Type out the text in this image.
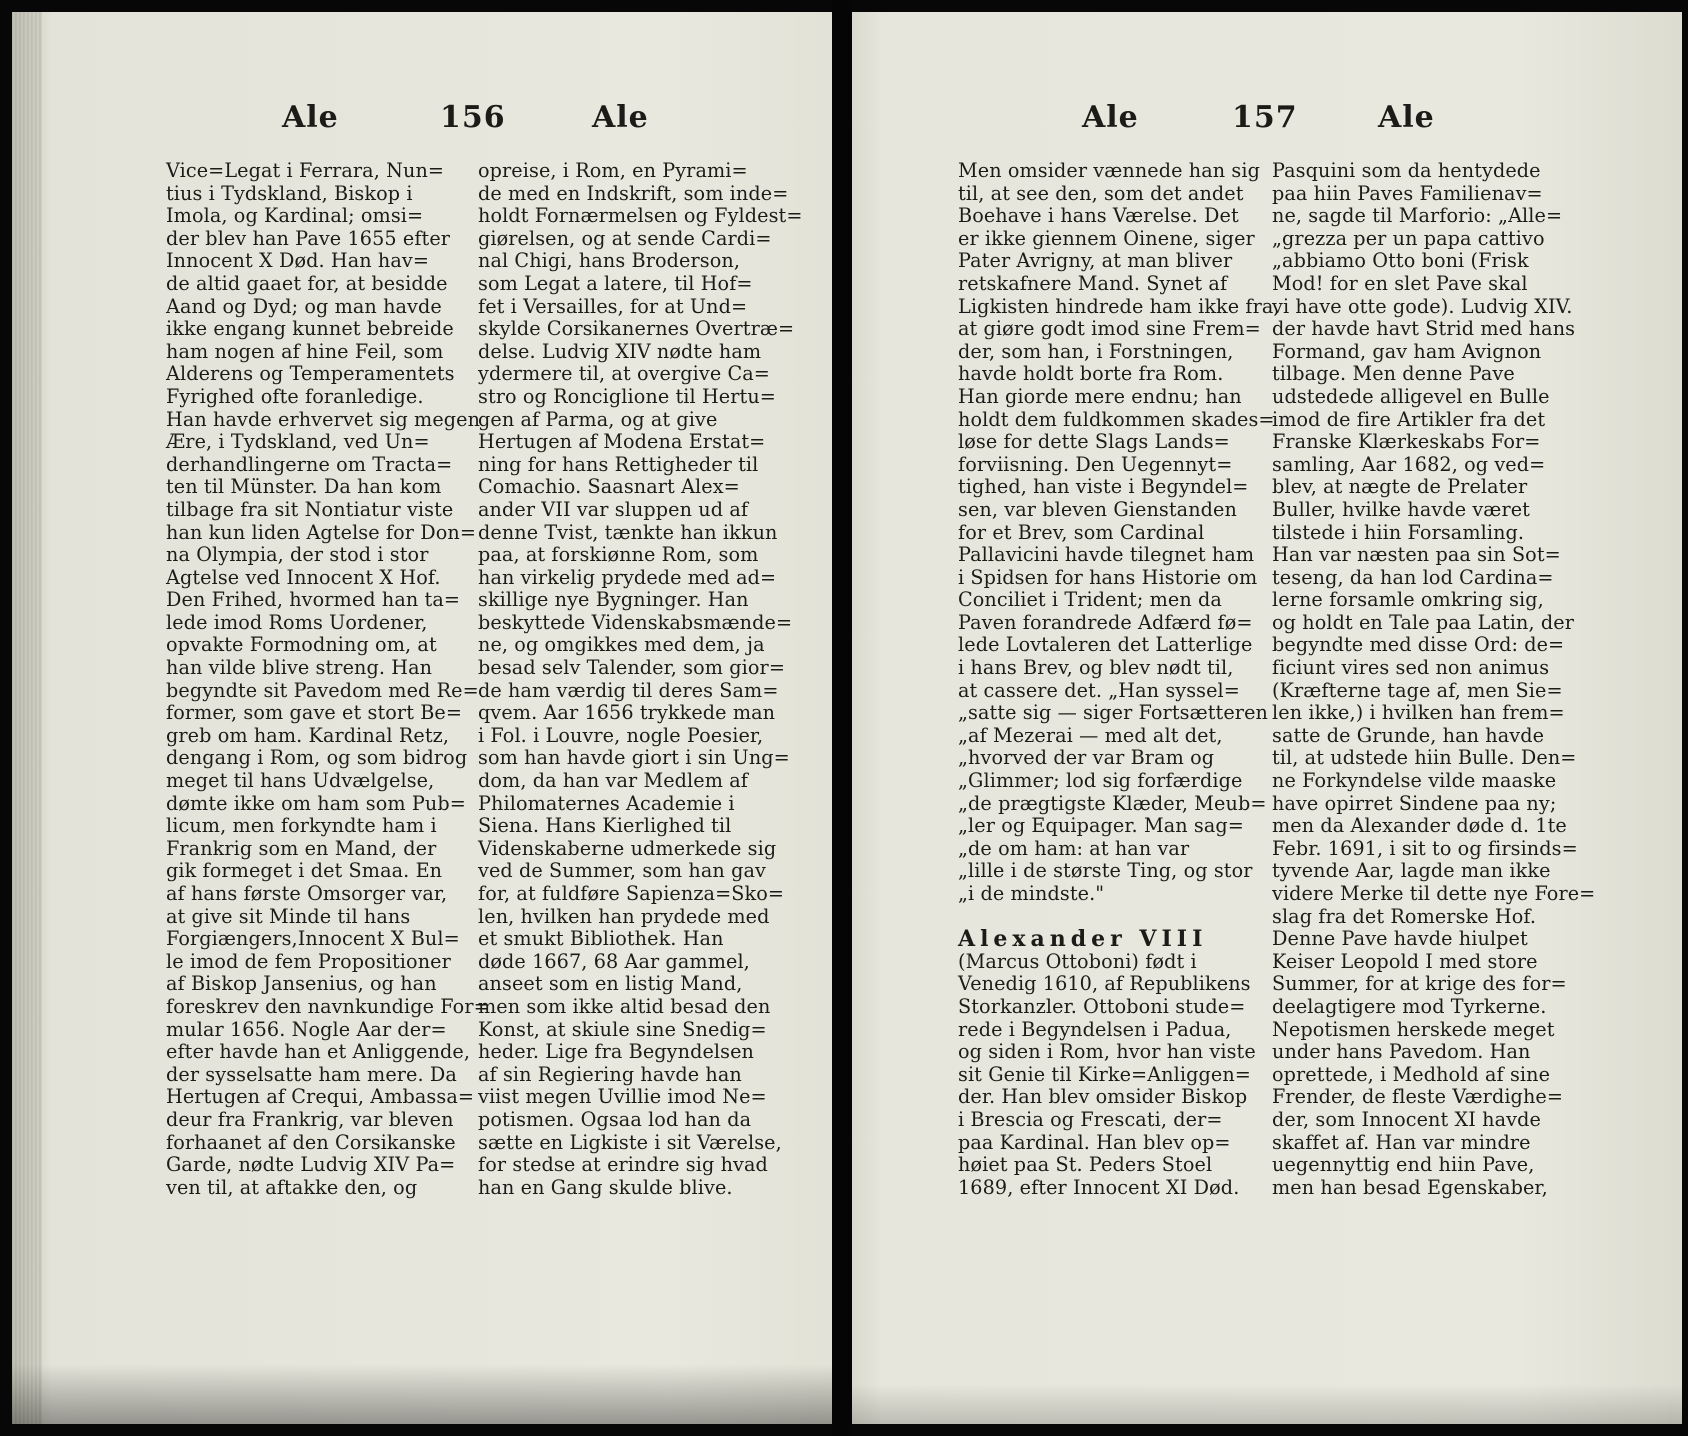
Ale	156	Ale	Ale	157	Ale
Vice=Legat i Ferrara, Nun=
tius i Tydskland, Biskop i
Imola, og Kardinal; omsi=
der blev han Pave 1655 efter
Innocent X Død. Han hav=
de altid gaaet for, at besidde
Aand og Dyd; og man havde
ikke engang kunnet bebreide
ham nogen af hine Feil, som
Alderens og Temperamentets
Fyrighed ofte foranledige.
Han havde erhvervet sig megen
Ære, i Tydskland, ved Un=
derhandlingerne om Tracta=
ten til Münster. Da han kom
tilbage fra sit Nontiatur viste
han kun liden Agtelse for Don=
na Olympia, der stod i stor
Agtelse ved Innocent X Hof.
Den Frihed, hvormed han ta=
lede imod Roms Uordener,
opvakte Formodning om, at
han vilde blive streng. Han
begyndte sit Pavedom med Re=
former, som gave et stort Be=
greb om ham. Kardinal Retz,
dengang i Rom, og som bidrog
meget til hans Udvælgelse,
dømte ikke om ham som Pub=
licum, men forkyndte ham i
Frankrig som en Mand, der
gik formeget i det Smaa. En
af hans første Omsorger var,
at give sit Minde til hans
Forgiængers,Innocent X Bul=
le imod de fem Propositioner
af Biskop Jansenius, og han
foreskrev den navnkundige For=
mular 1656. Nogle Aar der=
efter havde han et Anliggende,
der sysselsatte ham mere. Da
Hertugen af Crequi, Ambassa=
deur fra Frankrig, var bleven
forhaanet af den Corsikanske
Garde, nødte Ludvig XIV Pa=
ven til, at aftakke den, og
opreise, i Rom, en Pyrami=
de med en Indskrift, som inde=
holdt Fornærmelsen og Fyldest=
giørelsen, og at sende Cardi=
nal Chigi, hans Broderson,
som Legat a latere, til Hof=
fet i Versailles, for at Und=
skylde Corsikanernes Overtræ=
delse. Ludvig XIV nødte ham
ydermere til, at overgive Ca=
stro og Ronciglione til Hertu=
gen af Parma, og at give
Hertugen af Modena Erstat=
ning for hans Rettigheder til
Comachio. Saasnart Alex=
ander VII var sluppen ud af
denne Tvist, tænkte han ikkun
paa, at forskiønne Rom, som
han virkelig prydede med ad=
skillige nye Bygninger. Han
beskyttede Videnskabsmænde=
ne, og omgikkes med dem, ja
besad selv Talender, som gior=
de ham værdig til deres Sam=
qvem. Aar 1656 trykkede man
i Fol. i Louvre, nogle Poesier,
som han havde giort i sin Ung=
dom, da han var Medlem af
Philomaternes Academie i
Siena. Hans Kierlighed til
Videnskaberne udmerkede sig
ved de Summer, som han gav
for, at fuldføre Sapienza=Sko=
len, hvilken han prydede med
et smukt Bibliothek. Han
døde 1667, 68 Aar gammel,
anseet som en listig Mand,
men som ikke altid besad den
Konst, at skiule sine Snedig=
heder. Lige fra Begyndelsen
af sin Regiering havde han
viist megen Uvillie imod Ne=
potismen. Ogsaa lod han da
sætte en Ligkiste i sit Værelse,
for stedse at erindre sig hvad
han en Gang skulde blive.
Men omsider vænnede han sig
til, at see den, som det andet
Boehave i hans Værelse. Det
er ikke giennem Oinene, siger
Pater Avrigny, at man bliver
retskafnere Mand. Synet af
Ligkisten hindrede ham ikke fra,
at giøre godt imod sine Frem=
der, som han, i Forstningen,
havde holdt borte fra Rom.
Han giorde mere endnu; han
holdt dem fuldkommen skades=
løse for dette Slags Lands=
forviisning. Den Uegennyt=
tighed, han viste i Begyndel=
sen, var bleven Gienstanden
for et Brev, som Cardinal
Pallavicini havde tilegnet ham
i Spidsen for hans Historie om
Conciliet i Trident; men da
Paven forandrede Adfærd fø=
lede Lovtaleren det Latterlige
i hans Brev, og blev nødt til,
at cassere det. „Han syssel=
„satte sig — siger Fortsætteren
„af Mezerai — med alt det,
„hvorved der var Bram og
„Glimmer; lod sig forfærdige
„de prægtigste Klæder, Meub=
„ler og Equipager. Man sag=
„de om ham: at han var
„lille i de største Ting, og stor
„i de mindste."
Alexander VIII
(Marcus Ottoboni) født i
Venedig 1610, af Republikens
Storkanzler. Ottoboni stude=
rede i Begyndelsen i Padua,
og siden i Rom, hvor han viste
sit Genie til Kirke=Anliggen=
der. Han blev omsider Biskop
i Brescia og Frescati, der=
paa Kardinal. Han blev op=
høiet paa St. Peders Stoel
1689, efter Innocent XI Død.
Pasquini som da hentydede
paa hiin Paves Familienav=
ne, sagde til Marforio: „Alle=
„grezza per un papa cattivo
„abbiamo Otto boni (Frisk
Mod! for en slet Pave skal
vi have otte gode). Ludvig XIV.
der havde havt Strid med hans
Formand, gav ham Avignon
tilbage. Men denne Pave
udstedede alligevel en Bulle
imod de fire Artikler fra det
Franske Klærkeskabs For=
samling, Aar 1682, og ved=
blev, at nægte de Prelater
Buller, hvilke havde været
tilstede i hiin Forsamling.
Han var næsten paa sin Sot=
teseng, da han lod Cardina=
lerne forsamle omkring sig,
og holdt en Tale paa Latin, der
begyndte med disse Ord: de=
ficiunt vires sed non animus
(Kræfterne tage af, men Sie=
len ikke,) i hvilken han frem=
satte de Grunde, han havde
til, at udstede hiin Bulle. Den=
ne Forkyndelse vilde maaske
have opirret Sindene paa ny;
men da Alexander døde d. 1te
Febr. 1691, i sit to og firsinds=
tyvende Aar, lagde man ikke
videre Merke til dette nye Fore=
slag fra det Romerske Hof.
Denne Pave havde hiulpet
Keiser Leopold I med store
Summer, for at krige des for=
deelagtigere mod Tyrkerne.
Nepotismen herskede meget
under hans Pavedom. Han
oprettede, i Medhold af sine
Frender, de fleste Værdighe=
der, som Innocent XI havde
skaffet af. Han var mindre
uegennyttig end hiin Pave,
men han besad Egenskaber,
